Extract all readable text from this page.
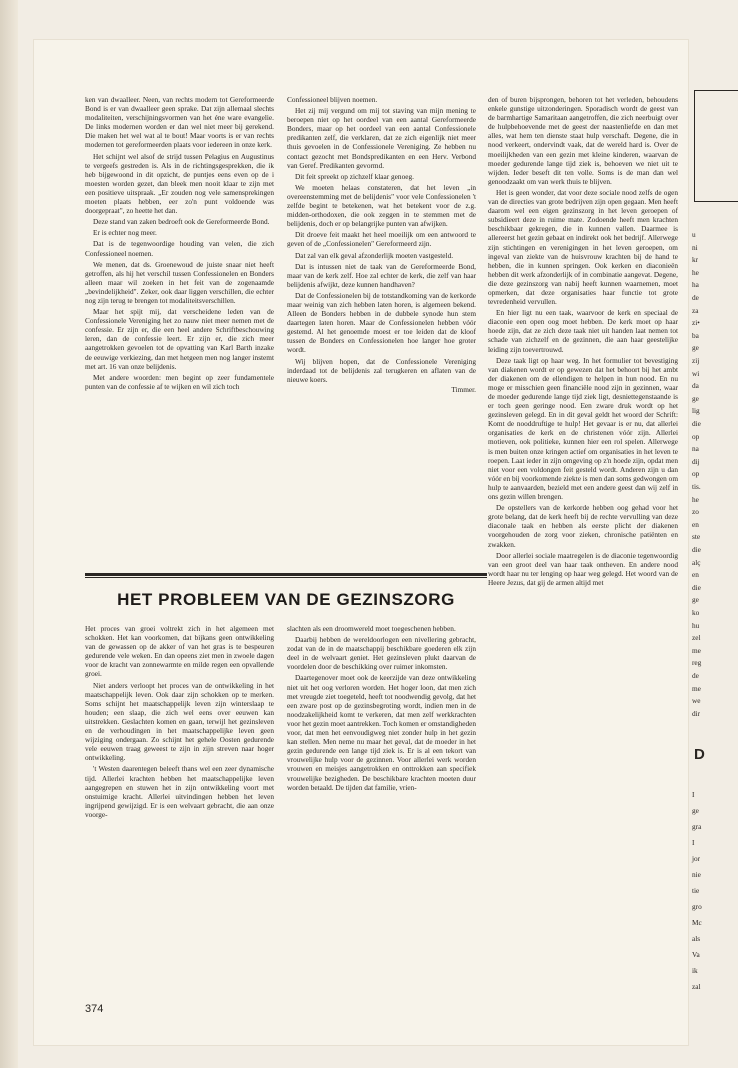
ken van dwaalleer. Neen, van rechts modern tot Gereformeerde Bond is er van dwaalleer geen sprake. Dat zijn allemaal slechts modaliteiten, verschijningsvormen van het éne ware evangelie. De links modernen worden er dan wel niet meer bij gerekend. Die maken het wel wat al te bout! Maar voorts is er van rechts modernen tot gereformeerden plaats voor iedereen in onze kerk.

Het schijnt wel alsof de strijd tussen Pelagius en Augustinus te vergeefs gestreden is. Als in de richtingsgesprekken, die ik heb bijgewoond in dit opzicht, de puntjes eens even op de i moesten worden gezet, dan bleek men nooit klaar te zijn met een positieve uitspraak. „Er zouden nog vele samensprekingen moeten plaats hebben, eer zo'n punt voldoende was doorgepraat", zo heette het dan.

Deze stand van zaken bedroeft ook de Gereformeerde Bond.

Er is echter nog meer.

Dat is de tegenwoordige houding van velen, die zich Confessioneel noemen.

We menen, dat ds. Groenewoud de juiste snaar niet heeft getroffen, als hij het verschil tussen Confessionelen en Bonders alleen maar wil zoeken in het feit van de zogenaamde „bevindelijkheid". Zeker, ook daar liggen verschillen, die echter nog zijn terug te brengen tot modaliteitsverschillen.

Maar het spijt mij, dat verscheidene leden van de Confessionele Vereniging het zo nauw niet meer nemen met de confessie. Er zijn er, die een heel andere Schriftbeschouwing leren, dan de confessie leert. Er zijn er, die zich meer aangetrokken gevoelen tot de opvatting van Karl Barth inzake de eeuwige verkiezing, dan met hetgeen men nog langer instemt met art. 16 van onze belijdenis.

Met andere woorden: men begint op zeer fundamentele punten van de confessie af te wijken en wil zich toch

Confessioneel blijven noemen.

Het zij mij vergund om mij tot staving van mijn mening te beroepen niet op het oordeel van een aantal Gereformeerde Bonders, maar op het oordeel van een aantal Confessionele predikanten zelf, die verklaren, dat ze zich eigenlijk niet meer thuis gevoelen in de Confessionele Vereniging. Ze hebben nu contact gezocht met Bondspredikanten en een Herv. Verbond van Geref. Predikanten gevormd.

Dit feit spreekt op zichzelf klaar genoeg.

We moeten helaas constateren, dat het leven „in overeenstemming met de belijdenis" voor vele Confessionelen 't zelfde begint te betekenen, wat het betekent voor de z.g. midden-orthodoxen, die ook zeggen in te stemmen met de belijdenis, doch er op belangrijke punten van afwijken.

Dit droeve feit maakt het heel moeilijk om een antwoord te geven of de „Confessionelen" Gereformeerd zijn.

Dat zal van elk geval afzonderlijk moeten vastgesteld.

Dat is intussen niet de taak van de Gereformeerde Bond, maar van de kerk zelf. Hoe zal echter de kerk, die zelf van haar belijdenis afwijkt, deze kunnen handhaven?

Dat de Confessionelen bij de totstandkoming van de kerkorde maar weinig van zich hebben laten horen, is algemeen bekend. Alleen de Bonders hebben in de dubbele synode hun stem daartegen laten horen. Maar de Confessionelen hebben vóór gestemd. Al het genoemde moest er toe leiden dat de kloof tussen de Bonders en Confessionelen hoe langer hoe groter wordt.

Wij blijven hopen, dat de Confessionele Vereniging inderdaad tot de belijdenis zal terugkeren en aflaten van de nieuwe koers.

Timmer.

den of buren bijsprongen, behoren tot het verleden, behoudens enkele gunstige uitzonderingen. Sporadisch wordt de geest van de barmhartige Samaritaan aangetroffen, die zich neerbuigt over de hulpbehoevende met de geest der naastenliefde en dan met alles, wat hem ten dienste staat hulp verschaft. Degene, die in nood verkeert, ondervindt vaak, dat de wereld hard is. Over de moeilijkheden van een gezin met kleine kinderen, waarvan de moeder gedurende lange tijd ziek is, behoeven we niet uit te wijden. Ieder beseft dit ten volle. Soms is de man dan wel genoodzaakt om van werk thuis te blijven.

Het is geen wonder, dat voor deze sociale nood zelfs de ogen van de directies van grote bedrijven zijn open gegaan. Men heeft daarom wel een eigen gezinszorg in het leven geroepen of subsidieert deze in ruime mate. Zodoende heeft men krachten beschikbaar gekregen, die in kunnen vallen. Daarmee is allereerst het gezin gebaat en indirekt ook het bedrijf. Allerwege zijn stichtingen en verenigingen in het leven geroepen, om ingeval van ziekte van de huisvrouw krachten bij de hand te hebben, die in kunnen springen. Ook kerken en diaconieën hebben dit werk afzonderlijk of in combinatie aangevat. Degene, die deze gezinszorg van nabij heeft kunnen waarnemen, moet opmerken, dat deze organisaties haar functie tot grote tevredenheid vervullen.

En hier ligt nu een taak, waarvoor de kerk en speciaal de diaconie een open oog moet hebben. De kerk moet op haar hoede zijn, dat ze zich deze taak niet uit handen laat nemen tot schade van zichzelf en de gezinnen, die aan haar geestelijke leiding zijn toevertrouwd.

Deze taak ligt op haar weg. In het formulier tot bevestiging van diakenen wordt er op gewezen dat het behoort bij het ambt der diakenen om de ellendigen te helpen in hun nood. En nu moge er misschien geen financiële nood zijn in gezinnen, waar de moeder gedurende lange tijd ziek ligt, desniettegenstaande is er toch geen geringe nood. Een zware druk wordt op het gezinsleven gelegd. En in dit geval geldt het woord der Schrift: Komt de nooddruftige te hulp! Het gevaar is er nu, dat allerlei organisaties de kerk en de christenen vóór zijn. Allerlei motieven, ook politieke, kunnen hier een rol spelen. Allerwege is men buiten onze kringen actief om organisaties in het leven te roepen. Laat ieder in zijn omgeving op z'n hoede zijn, opdat men niet voor een voldongen feit gesteld wordt. Anderen zijn u dan vóór en bij voorkomende ziekte is men dan soms gedwongen om hulp te aanvaarden, bezield met een andere geest dan wij zelf in ons gezin willen brengen.

De opstellers van de kerkorde hebben oog gehad voor het grote belang, dat de kerk heeft bij de rechte vervulling van deze diaconale taak en hebben als eerste plicht der diakenen voorgehouden de zorg voor zieken, chronische patiënten en zwakken.

Door allerlei sociale maatregelen is de diaconie tegenwoordig van een groot deel van haar taak ontheven. En andere nood wordt haar nu ter lenging op haar weg gelegd. Het woord van de Heere Jezus, dat gij de armen altijd met

HET PROBLEEM VAN DE GEZINSZORG

Het proces van groei voltrekt zich in het algemeen met schokken. Het kan voorkomen, dat bijkans geen ontwikkeling van de gewassen op de akker of van het gras is te bespeuren gedurende vele weken. En dan opeens ziet men in zwoele dagen voor de kracht van zonnewarmte en milde regen een opvallende groei.

Niet anders verloopt het proces van de ontwikkeling in het maatschappelijk leven. Ook daar zijn schokken op te merken. Soms schijnt het maatschappelijk leven zijn winterslaap te houden; een slaap, die zich wel eens over eeuwen kan uitstrekken. Geslachten komen en gaan, terwijl het gezinsleven en de verhoudingen in het maatschappelijke leven geen wijziging ondergaan. Zo schijnt het gehele Oosten gedurende vele eeuwen traag geweest te zijn in zijn streven naar hoger ontwikkeling.

't Westen daarentegen beleeft thans wel een zeer dynamische tijd. Allerlei krachten hebben het maatschappelijke leven aangegrepen en stuwen het in zijn ontwikkeling voort met onstuimige kracht. Allerlei uitvindingen hebben het leven ingrijpend gewijzigd. Er is een welvaart gebracht, die aan onze voorge-

slachten als een droomwereld moet toegeschenen hebben.

Daarbij hebben de wereldoorlogen een nivellering gebracht, zodat van de in de maatschappij beschikbare goederen elk zijn deel in de welvaart geniet. Het gezinsleven plukt daarvan de voordelen door de beschikking over ruimer inkomsten.

Daartegenover moet ook de keerzijde van deze ontwikkeling niet uit het oog verloren worden. Het hoger loon, dat men zich met vreugde ziet toegeteld, heeft tot noodwendig gevolg, dat het een zware post op de gezinsbegroting wordt, indien men in de noodzakelijkheid komt te verkeren, dat men zelf werkkrachten voor het gezin moet aantrekken. Toch komen er omstandigheden voor, dat men het eenvoudigweg niet zonder hulp in het gezin kan stellen. Men neme nu maar het geval, dat de moeder in het gezin gedurende een lange tijd ziek is. Er is al een tekort van vrouwelijke hulp voor de gezinnen. Voor allerlei werk worden vrouwen en meisjes aangetrokken en onttrokken aan specifiek vrouwelijke bezigheden. De beschikbare krachten moeten duur worden betaald. De tijden dat familie, vrien-

374
u
ni
kr
he
ha
de
za
zi•
ba
ge
zij
wi
da
ge
lig
die
op
na
dij
op
tis.
he
zo
en
ste
die
alç
en
die
ge
ko
hu
zel
me
reg
de
me
we
dir
D
I
ge
gra
I
jor
nie
tie
gro
Mc
als
Va
ik
zal
